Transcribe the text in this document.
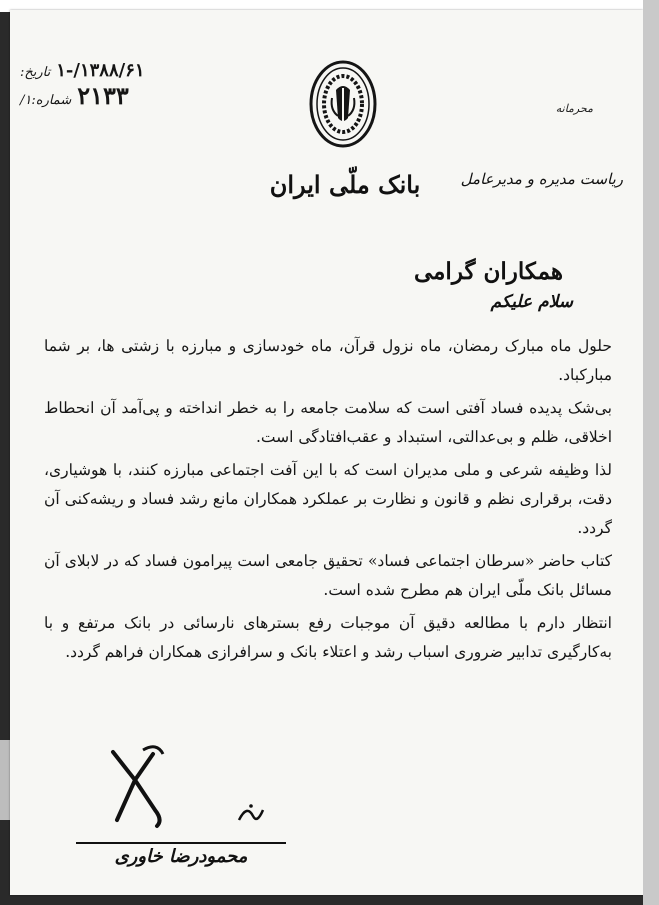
تاریخ: ۱۳۸۸/۶۱/-۱
شماره:۱/ ۲۱۳۳
بانک ملّی ایران
محرمانه
ریاست مدیره و مدیرعامل
همکاران گرامی
سلام علیکم

حلول ماه مبارک رمضان، ماه نزول قرآن، ماه خودسازی و مبارزه با زشتی ها، بر شما مبارکباد.

بی‌شک پدیده فساد آفتی است که سلامت جامعه را به خطر انداخته و پی‌آمد آن انحطاط اخلاقی، ظلم و بی‌عدالتی، استبداد و عقب‌افتادگی است.

لذا وظیفه شرعی و ملی مدیران است که با این آفت اجتماعی مبارزه کنند، با هوشیاری، دقت، برقراری نظم و قانون و نظارت بر عملکرد همکاران مانع رشد فساد و ریشه‌کنی آن گردد.

کتاب حاضر «سرطان اجتماعی فساد» تحقیق جامعی است پیرامون فساد که در لابلای آن مسائل بانک ملّی ایران هم مطرح شده است.

انتظار دارم با مطالعه دقیق آن موجبات رفع بسترهای نارسائی در بانک مرتفع و با به‌کارگیری تدابیر ضروری اسباب رشد و اعتلاء بانک و سرافرازی همکاران فراهم گردد.

محمودرضا خاوری
